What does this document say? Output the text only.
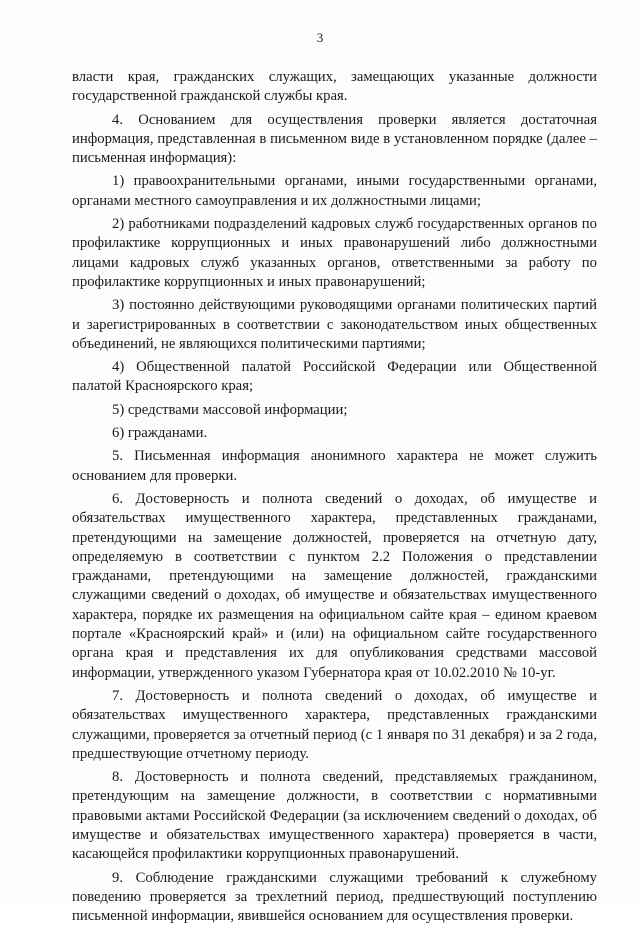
3

власти края, гражданских служащих, замещающих указанные должности государственной гражданской службы края.

4. Основанием для осуществления проверки является достаточная информация, представленная в письменном виде в установленном порядке (далее – письменная информация):

1) правоохранительными органами, иными государственными органами, органами местного самоуправления и их должностными лицами;

2) работниками подразделений кадровых служб государственных органов по профилактике коррупционных и иных правонарушений либо должностными лицами кадровых служб указанных органов, ответственными за работу по профилактике коррупционных и иных правонарушений;

3) постоянно действующими руководящими органами политических партий и зарегистрированных в соответствии с законодательством иных общественных объединений, не являющихся политическими партиями;

4) Общественной палатой Российской Федерации или Общественной палатой Красноярского края;

5) средствами массовой информации;

6) гражданами.

5. Письменная информация анонимного характера не может служить основанием для проверки.

6. Достоверность и полнота сведений о доходах, об имуществе и обязательствах имущественного характера, представленных гражданами, претендующими на замещение должностей, проверяется на отчетную дату, определяемую в соответствии с пунктом 2.2 Положения о представлении гражданами, претендующими на замещение должностей, гражданскими служащими сведений о доходах, об имуществе и обязательствах имущественного характера, порядке их размещения на официальном сайте края – едином краевом портале «Красноярский край» и (или) на официальном сайте государственного органа края и представления их для опубликования средствами массовой информации, утвержденного указом Губернатора края от 10.02.2010 № 10-уг.

7. Достоверность и полнота сведений о доходах, об имуществе и обязательствах имущественного характера, представленных гражданскими служащими, проверяется за отчетный период (с 1 января по 31 декабря) и за 2 года, предшествующие отчетному периоду.

8. Достоверность и полнота сведений, представляемых гражданином, претендующим на замещение должности, в соответствии с нормативными правовыми актами Российской Федерации (за исключением сведений о доходах, об имуществе и обязательствах имущественного характера) проверяется в части, касающейся профилактики коррупционных правонарушений.

9. Соблюдение гражданскими служащими требований к служебному поведению проверяется за трехлетний период, предшествующий поступлению письменной информации, явившейся основанием для осуществления проверки.
